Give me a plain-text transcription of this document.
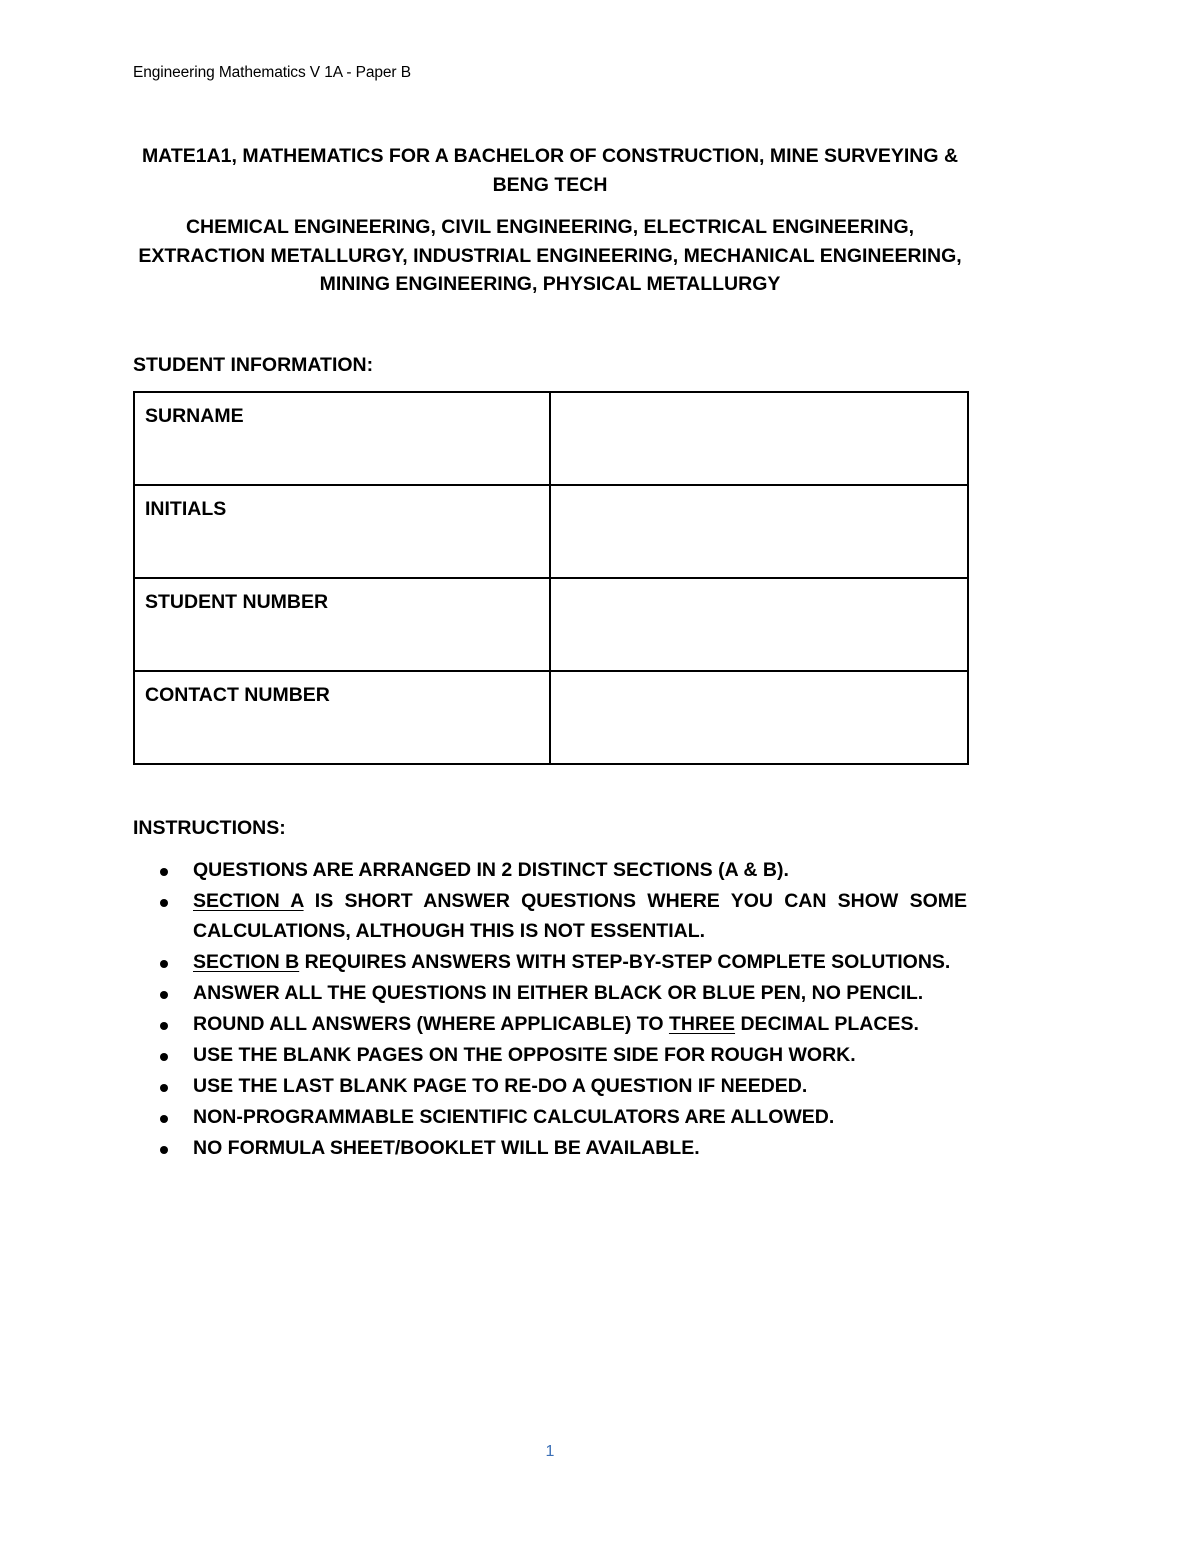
Engineering Mathematics V 1A - Paper B
MATE1A1, MATHEMATICS FOR A BACHELOR OF CONSTRUCTION, MINE SURVEYING & BENG TECH
CHEMICAL ENGINEERING, CIVIL ENGINEERING, ELECTRICAL ENGINEERING, EXTRACTION METALLURGY, INDUSTRIAL ENGINEERING, MECHANICAL ENGINEERING, MINING ENGINEERING, PHYSICAL METALLURGY
STUDENT INFORMATION:
SURNAME	
INITIALS	
STUDENT NUMBER	
CONTACT NUMBER	
INSTRUCTIONS:
QUESTIONS ARE ARRANGED IN 2 DISTINCT SECTIONS (A & B).
SECTION A IS SHORT ANSWER QUESTIONS WHERE YOU CAN SHOW SOME CALCULATIONS, ALTHOUGH THIS IS NOT ESSENTIAL.
SECTION B REQUIRES ANSWERS WITH STEP-BY-STEP COMPLETE SOLUTIONS.
ANSWER ALL THE QUESTIONS IN EITHER BLACK OR BLUE PEN, NO PENCIL.
ROUND ALL ANSWERS (WHERE APPLICABLE) TO THREE DECIMAL PLACES.
USE THE BLANK PAGES ON THE OPPOSITE SIDE FOR ROUGH WORK.
USE THE LAST BLANK PAGE TO RE-DO A QUESTION IF NEEDED.
NON-PROGRAMMABLE SCIENTIFIC CALCULATORS ARE ALLOWED.
NO FORMULA SHEET/BOOKLET WILL BE AVAILABLE.
1
